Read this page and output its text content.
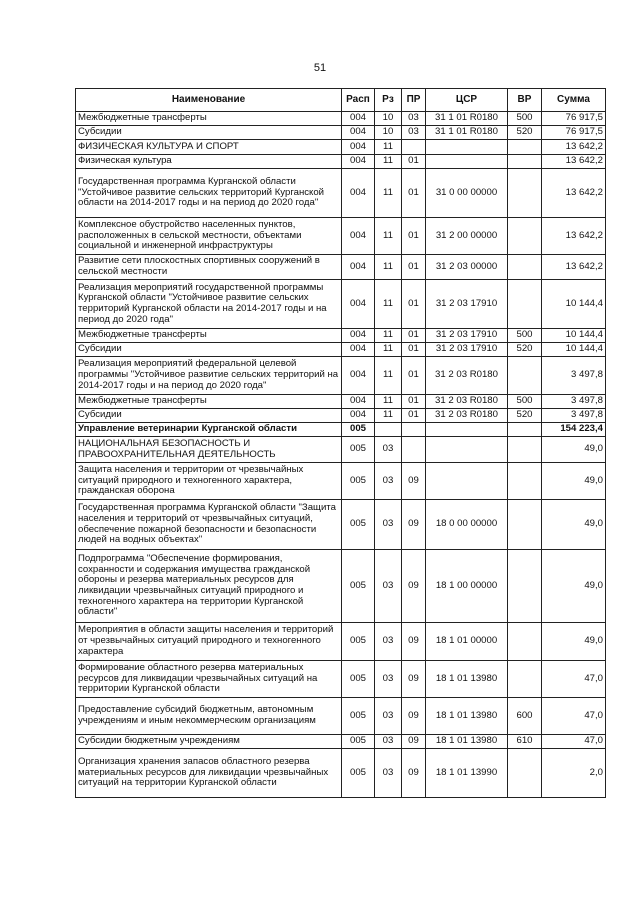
51
Наименование	Расп	Рз	ПР	ЦСР	ВР	Сумма
Межбюджетные трансферты	004	10	03	31 1 01 R0180	500	76 917,5
Субсидии	004	10	03	31 1 01 R0180	520	76 917,5
ФИЗИЧЕСКАЯ КУЛЬТУРА И СПОРТ	004	11				13 642,2
Физическая культура	004	11	01			13 642,2
Государственная программа Курганской области "Устойчивое развитие сельских территорий Курганской области на 2014-2017 годы и на период до 2020 года"	004	11	01	31 0 00 00000		13 642,2
Комплексное обустройство населенных пунктов, расположенных в сельской местности, объектами социальной и инженерной инфраструктуры	004	11	01	31 2 00 00000		13 642,2
Развитие сети плоскостных спортивных сооружений в сельской местности	004	11	01	31 2 03 00000		13 642,2
Реализация мероприятий государственной программы Курганской области "Устойчивое развитие сельских территорий Курганской области на 2014-2017 годы и на период до 2020 года"	004	11	01	31 2 03 17910		10 144,4
Межбюджетные трансферты	004	11	01	31 2 03 17910	500	10 144,4
Субсидии	004	11	01	31 2 03 17910	520	10 144,4
Реализация мероприятий федеральной целевой программы "Устойчивое развитие сельских территорий на 2014-2017 годы и на период до 2020 года"	004	11	01	31 2 03 R0180		3 497,8
Межбюджетные трансферты	004	11	01	31 2 03 R0180	500	3 497,8
Субсидии	004	11	01	31 2 03 R0180	520	3 497,8
Управление ветеринарии Курганской области	005					154 223,4
НАЦИОНАЛЬНАЯ БЕЗОПАСНОСТЬ И ПРАВООХРАНИТЕЛЬНАЯ ДЕЯТЕЛЬНОСТЬ	005	03				49,0
Защита населения и территории от чрезвычайных ситуаций природного и техногенного характера, гражданская оборона	005	03	09			49,0
Государственная программа Курганской области "Защита населения и территорий от чрезвычайных ситуаций, обеспечение пожарной безопасности и безопасности людей на водных объектах"	005	03	09	18 0 00 00000		49,0
Подпрограмма "Обеспечение формирования, сохранности и содержания имущества гражданской обороны и резерва материальных ресурсов для ликвидации чрезвычайных ситуаций природного и техногенного характера на территории Курганской области"	005	03	09	18 1 00 00000		49,0
Мероприятия в области защиты населения и территорий от чрезвычайных ситуаций природного и техногенного характера	005	03	09	18 1 01 00000		49,0
Формирование областного резерва материальных ресурсов для ликвидации чрезвычайных ситуаций на территории Курганской области	005	03	09	18 1 01 13980		47,0
Предоставление субсидий бюджетным, автономным учреждениям и иным некоммерческим организациям	005	03	09	18 1 01 13980	600	47,0
Субсидии бюджетным учреждениям	005	03	09	18 1 01 13980	610	47,0
Организация хранения запасов областного резерва материальных ресурсов для ликвидации чрезвычайных ситуаций на территории Курганской области	005	03	09	18 1 01 13990		2,0
